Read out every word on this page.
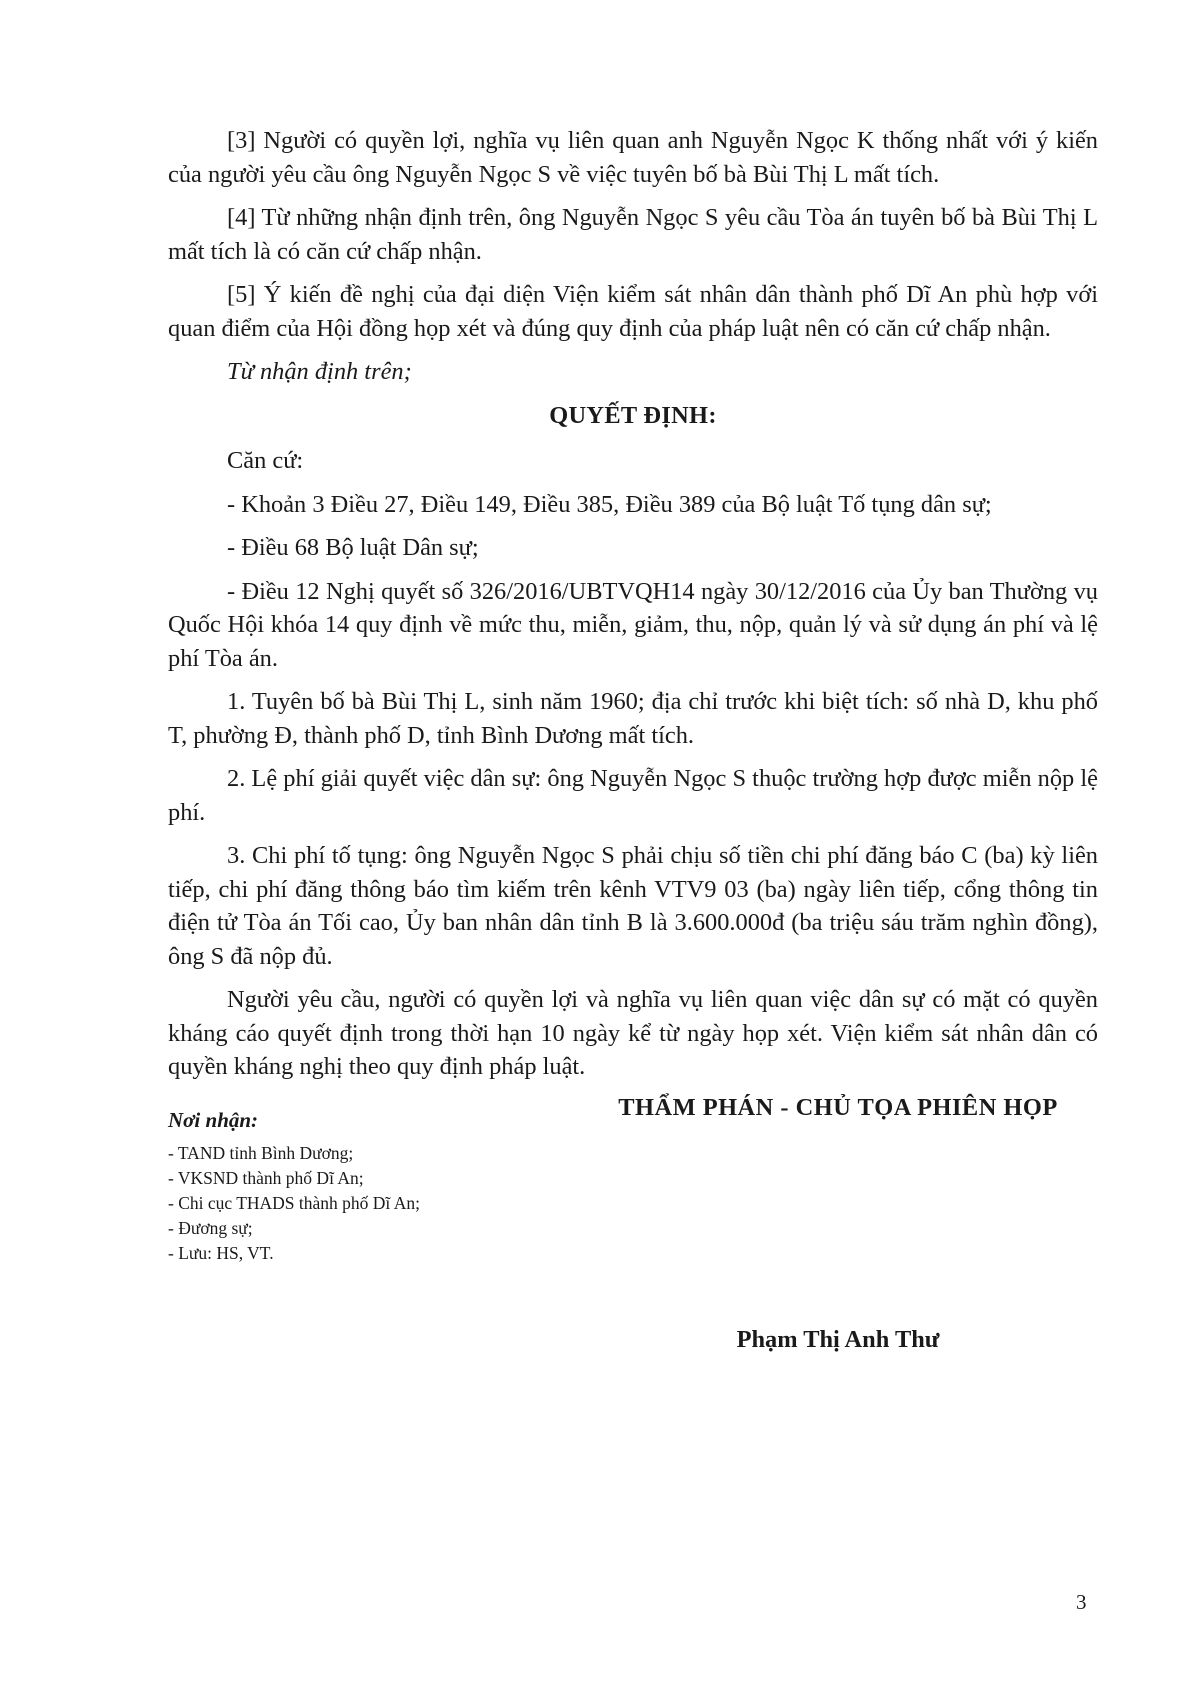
[3] Người có quyền lợi, nghĩa vụ liên quan anh Nguyễn Ngọc K thống nhất với ý kiến của người yêu cầu ông Nguyễn Ngọc S về việc tuyên bố bà Bùi Thị L mất tích.

[4] Từ những nhận định trên, ông Nguyễn Ngọc S yêu cầu Tòa án tuyên bố bà Bùi Thị L mất tích là có căn cứ chấp nhận.

[5] Ý kiến đề nghị của đại diện Viện kiểm sát nhân dân thành phố Dĩ An phù hợp với quan điểm của Hội đồng họp xét và đúng quy định của pháp luật nên có căn cứ chấp nhận.

Từ nhận định trên;

QUYẾT ĐỊNH:

Căn cứ:

- Khoản 3 Điều 27, Điều 149, Điều 385, Điều 389 của Bộ luật Tố tụng dân sự;

- Điều 68 Bộ luật Dân sự;

- Điều 12 Nghị quyết số 326/2016/UBTVQH14 ngày 30/12/2016 của Ủy ban Thường vụ Quốc Hội khóa 14 quy định về mức thu, miễn, giảm, thu, nộp, quản lý và sử dụng án phí và lệ phí Tòa án.

1. Tuyên bố bà Bùi Thị L, sinh năm 1960; địa chỉ trước khi biệt tích: số nhà D, khu phố T, phường Đ, thành phố D, tỉnh Bình Dương mất tích.

2. Lệ phí giải quyết việc dân sự: ông Nguyễn Ngọc S thuộc trường hợp được miễn nộp lệ phí.

3. Chi phí tố tụng: ông Nguyễn Ngọc S phải chịu số tiền chi phí đăng báo C (ba) kỳ liên tiếp, chi phí đăng thông báo tìm kiếm trên kênh VTV9 03 (ba) ngày liên tiếp, cổng thông tin điện tử Tòa án Tối cao, Ủy ban nhân dân tỉnh B là 3.600.000đ (ba triệu sáu trăm nghìn đồng), ông S đã nộp đủ.

Người yêu cầu, người có quyền lợi và nghĩa vụ liên quan việc dân sự có mặt có quyền kháng cáo quyết định trong thời hạn 10 ngày kể từ ngày họp xét. Viện kiểm sát nhân dân có quyền kháng nghị theo quy định pháp luật.

Nơi nhận:

- TAND tỉnh Bình Dương;
- VKSND thành phố Dĩ An;
- Chi cục THADS thành phố Dĩ An;
- Đương sự;
- Lưu: HS, VT.
THẨM PHÁN - CHỦ TỌA PHIÊN HỌP
Phạm Thị Anh Thư
3
